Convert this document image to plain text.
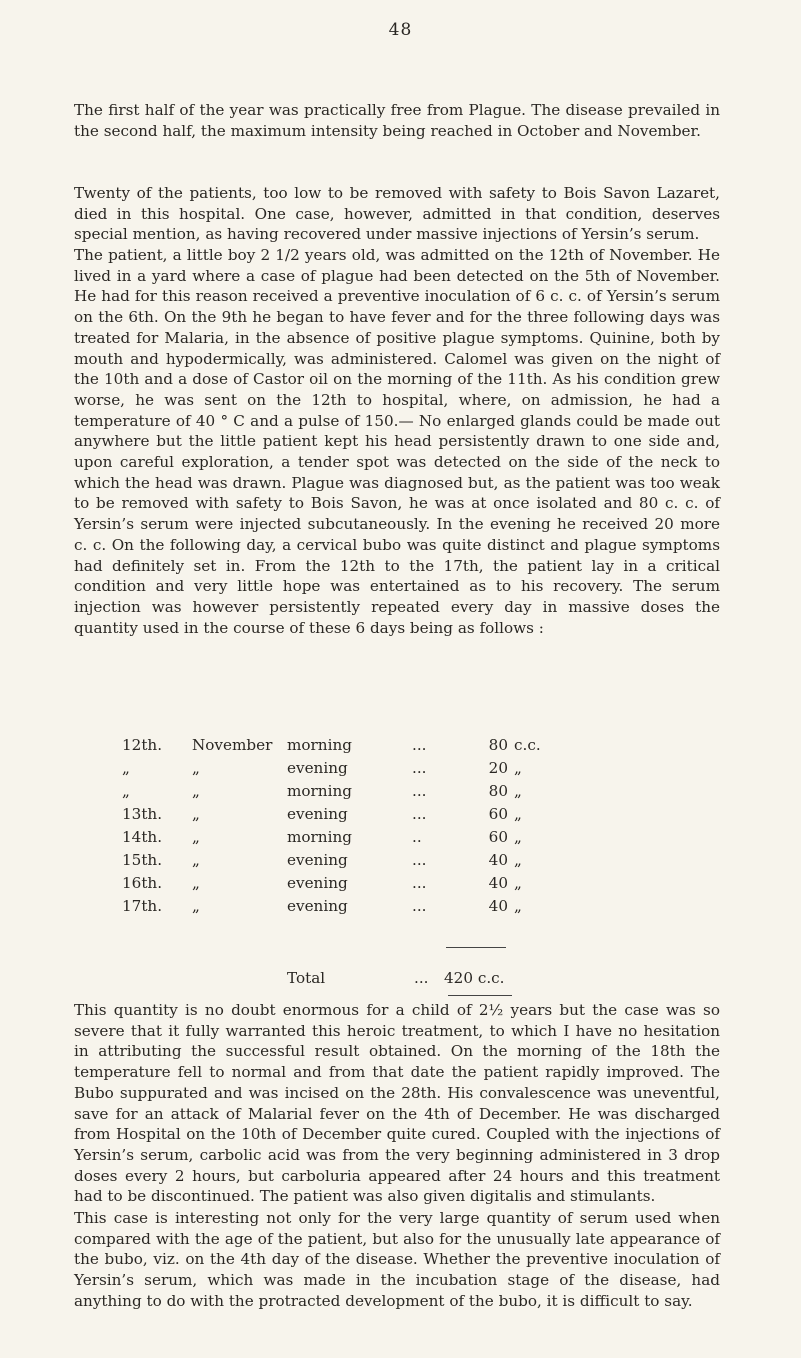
48

The first half of the year was practically free from Plague. The disease prevailed in the second half, the maximum intensity being reached in October and November.

Twenty of the patients, too low to be removed with safety to Bois Savon Lazaret, died in this hospital. One case, however, admitted in that condition, deserves special mention, as having recovered under massive injections of Yersin’s serum.

The patient, a little boy 2 1/2 years old, was admitted on the 12th of November. He lived in a yard where a case of plague had been detected on the 5th of November. He had for this reason received a preventive inoculation of 6 c. c. of Yersin’s serum on the 6th. On the 9th he began to have fever and for the three following days was treated for Malaria, in the absence of positive plague symptoms. Quinine, both by mouth and hypodermically, was administered. Calomel was given on the night of the 10th and a dose of Castor oil on the morning of the 11th. As his condition grew worse, he was sent on the 12th to hospital, where, on admission, he had a temperature of 40 ° C and a pulse of 150.— No enlarged glands could be made out anywhere but the little patient kept his head persistently drawn to one side and, upon careful exploration, a tender spot was detected on the side of the neck to which the head was drawn. Plague was diagnosed but, as the patient was too weak to be removed with safety to Bois Savon, he was at once isolated and 80 c. c. of Yersin’s serum were injected subcutaneously. In the evening he received 20 more c. c. On the following day, a cervical bubo was quite distinct and plague symptoms had definitely set in. From the 12th to the 17th, the patient lay in a critical condition and very little hope was entertained as to his recovery. The serum injection was however persistently repeated every day in massive doses the quantity used in the course of these 6 days being as follows :

12th. November morning	...	80 c.c.
„	„	evening	...	20 „
„	„	morning	...	80 „
13th. „	evening	...	60 „
14th. „	morning	..	60 „
15th. „	evening	...	40 „
16th. „	evening	...	40 „
17th. „	evening	...	40 „
Total	... 420 c.c.

This quantity is no doubt enormous for a child of 2½ years but the case was so severe that it fully warranted this heroic treatment, to which I have no hesitation in attributing the successful result obtained. On the morning of the 18th the temperature fell to normal and from that date the patient rapidly improved. The Bubo suppurated and was incised on the 28th. His convalescence was uneventful, save for an attack of Malarial fever on the 4th of December. He was discharged from Hospital on the 10th of December quite cured. Coupled with the injections of Yersin’s serum, carbolic acid was from the very beginning administered in 3 drop doses every 2 hours, but carboluria appeared after 24 hours and this treatment had to be discontinued. The patient was also given digitalis and stimulants.

This case is interesting not only for the very large quantity of serum used when compared with the age of the patient, but also for the unusually late appearance of the bubo, viz. on the 4th day of the disease. Whether the preventive inoculation of Yersin’s serum, which was made in the incubation stage of the disease, had anything to do with the protracted development of the bubo, it is difficult to say.
